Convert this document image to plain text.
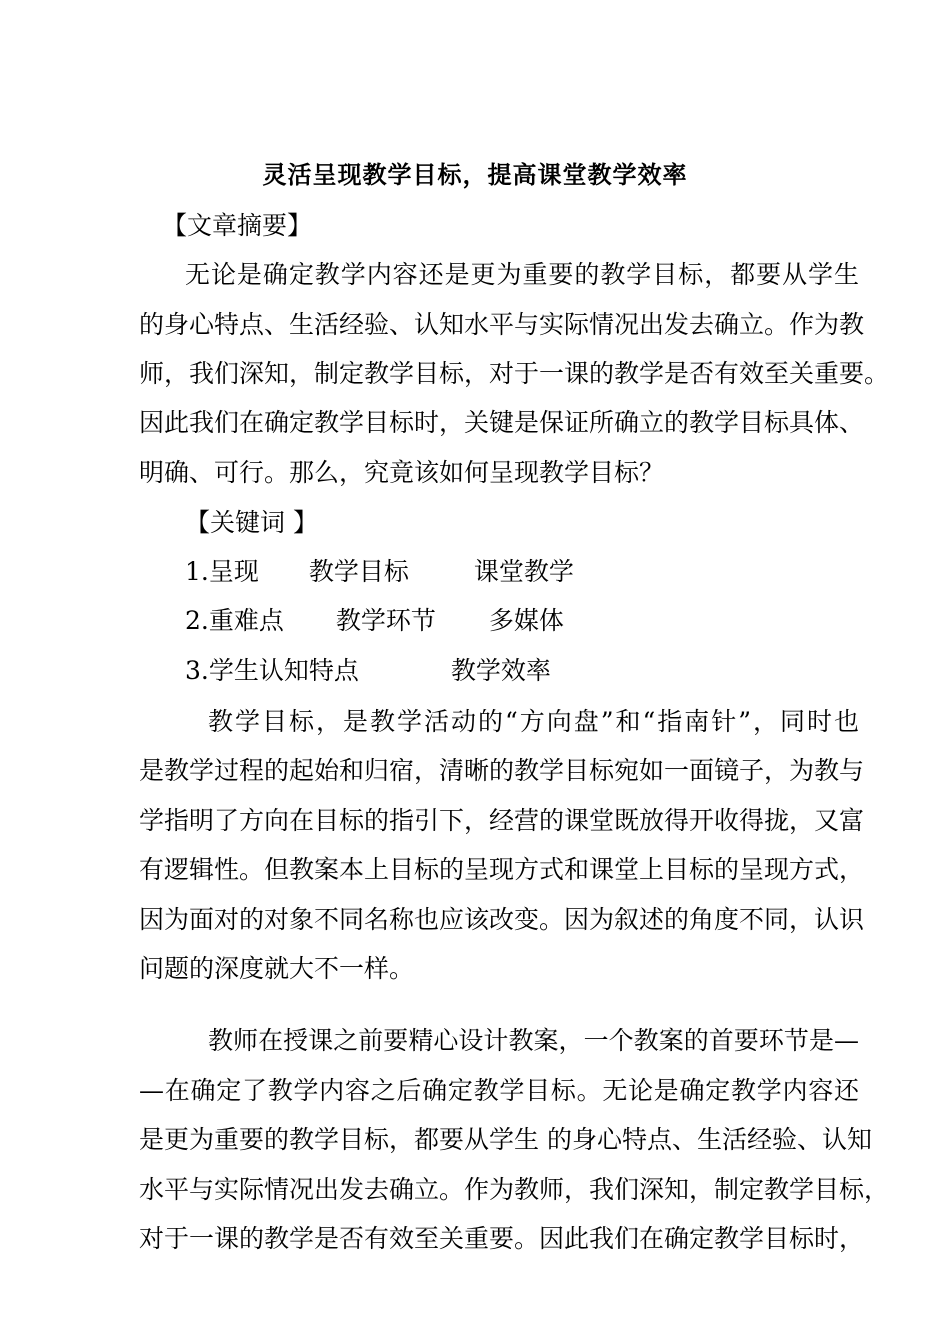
灵活呈现教学目标，提高课堂教学效率
【文章摘要】
无论是确定教学内容还是更为重要的教学目标，都要从学生
的身心特点、生活经验、认知水平与实际情况出发去确立。作为教
师，我们深知，制定教学目标，对于一课的教学是否有效至关重要。
因此我们在确定教学目标时，关键是保证所确立的教学目标具体、
明确、可行。那么，究竟该如何呈现教学目标？
【关键词 】
1.呈现 教学目标	课堂教学
2.重难点 教学环节 多媒体
3.学生认知特点	教学效率
教学目标，是教学活动的“方向盘”和“指南针”，同时也
是教学过程的起始和归宿，清晰的教学目标宛如一面镜子，为教与
学指明了方向在目标的指引下，经营的课堂既放得开收得拢，又富
有逻辑性。但教案本上目标的呈现方式和课堂上目标的呈现方式，
因为面对的对象不同名称也应该改变。因为叙述的角度不同，认识
问题的深度就大不一样。
教师在授课之前要精心设计教案，一个教案的首要环节是—
—在确定了教学内容之后确定教学目标。无论是确定教学内容还
是更为重要的教学目标，都要从学生 的身心特点、生活经验、认知
水平与实际情况出发去确立。作为教师，我们深知，制定教学目标，
对于一课的教学是否有效至关重要。因此我们在确定教学目标时，
